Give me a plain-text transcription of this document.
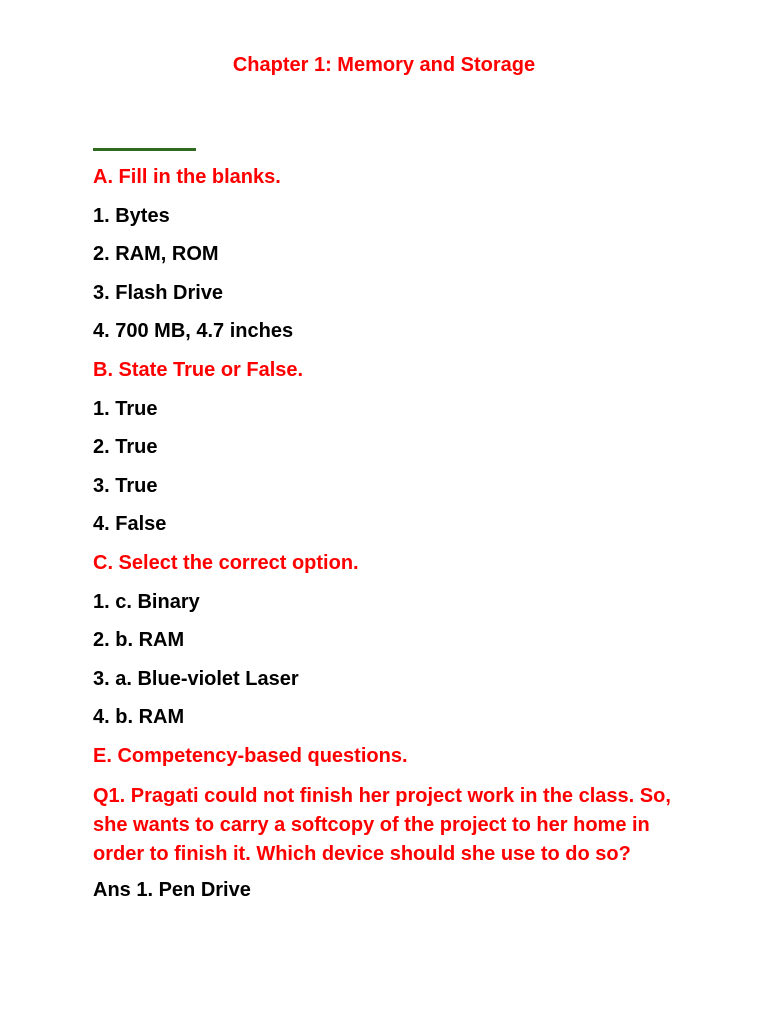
Chapter 1: Memory and Storage
A. Fill in the blanks.
1. Bytes
2. RAM, ROM
3. Flash Drive
4. 700 MB, 4.7 inches
B. State True or False.
1. True
2. True
3. True
4. False
C. Select the correct option.
1. c. Binary
2. b. RAM
3. a. Blue-violet Laser
4. b. RAM
E. Competency-based questions.
Q1. Pragati could not finish her project work in the class. So, she wants to carry a softcopy of the project to her home in order to finish it. Which device should she use to do so?
Ans 1. Pen Drive
